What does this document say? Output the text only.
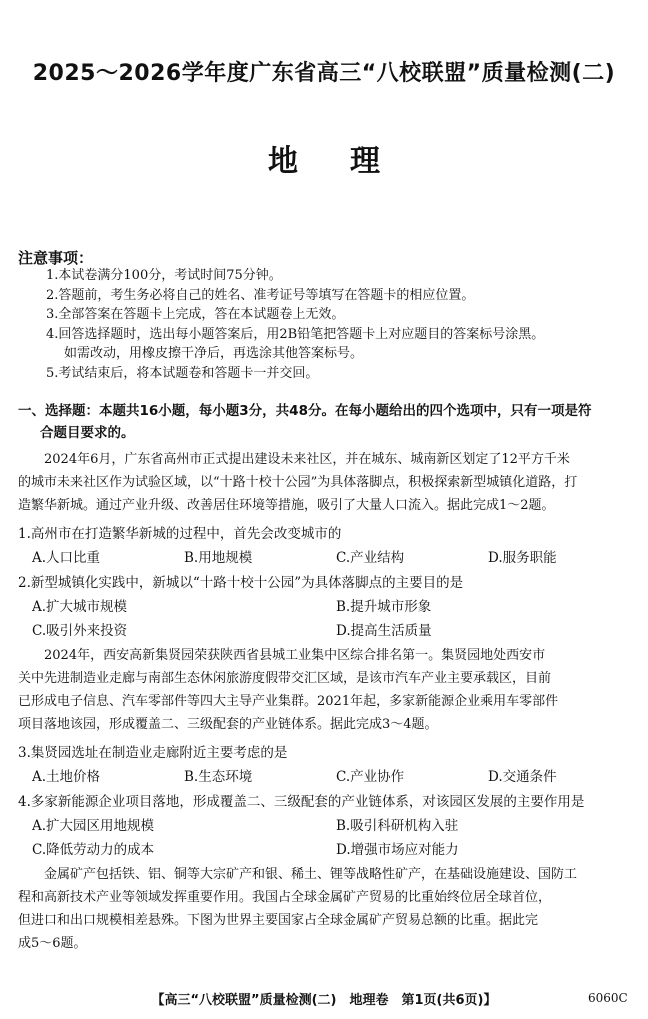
2025～2026学年度广东省高三“八校联盟”质量检测(二)
地理
注意事项：
1.本试卷满分100分，考试时间75分钟。
2.答题前，考生务必将自己的姓名、准考证号等填写在答题卡的相应位置。
3.全部答案在答题卡上完成，答在本试题卷上无效。
4.回答选择题时，选出每小题答案后，用2B铅笔把答题卡上对应题目的答案标号涂黑。
如需改动，用橡皮擦干净后，再选涂其他答案标号。
5.考试结束后，将本试题卷和答题卡一并交回。
一、选择题：本题共16小题，每小题3分，共48分。在每小题给出的四个选项中，只有一项是符
合题目要求的。
2024年6月，广东省高州市正式提出建设未来社区，并在城东、城南新区划定了12平方千米
的城市未来社区作为试验区域，以“十路十校十公园”为具体落脚点，积极探索新型城镇化道路，打
造繁华新城。通过产业升级、改善居住环境等措施，吸引了大量人口流入。据此完成1～2题。
1.高州市在打造繁华新城的过程中，首先会改变城市的
A.人口比重	B.用地规模	C.产业结构	D.服务职能
2.新型城镇化实践中，新城以“十路十校十公园”为具体落脚点的主要目的是
A.扩大城市规模	B.提升城市形象
C.吸引外来投资	D.提高生活质量
2024年，西安高新集贤园荣获陕西省县城工业集中区综合排名第一。集贤园地处西安市
关中先进制造业走廊与南部生态休闲旅游度假带交汇区域，是该市汽车产业主要承载区，目前
已形成电子信息、汽车零部件等四大主导产业集群。2021年起，多家新能源企业乘用车零部件
项目落地该园，形成覆盖二、三级配套的产业链体系。据此完成3～4题。
3.集贤园选址在制造业走廊附近主要考虑的是
A.土地价格	B.生态环境	C.产业协作	D.交通条件
4.多家新能源企业项目落地，形成覆盖二、三级配套的产业链体系，对该园区发展的主要作用是
A.扩大园区用地规模	B.吸引科研机构入驻
C.降低劳动力的成本	D.增强市场应对能力
金属矿产包括铁、铝、铜等大宗矿产和银、稀土、锂等战略性矿产，在基础设施建设、国防工
程和高新技术产业等领域发挥重要作用。我国占全球金属矿产贸易的比重始终位居全球首位，
但进口和出口规模相差悬殊。下图为世界主要国家占全球金属矿产贸易总额的比重。据此完
成5～6题。
【高三“八校联盟”质量检测(二)　地理卷　第1页(共6页)】	6060C
